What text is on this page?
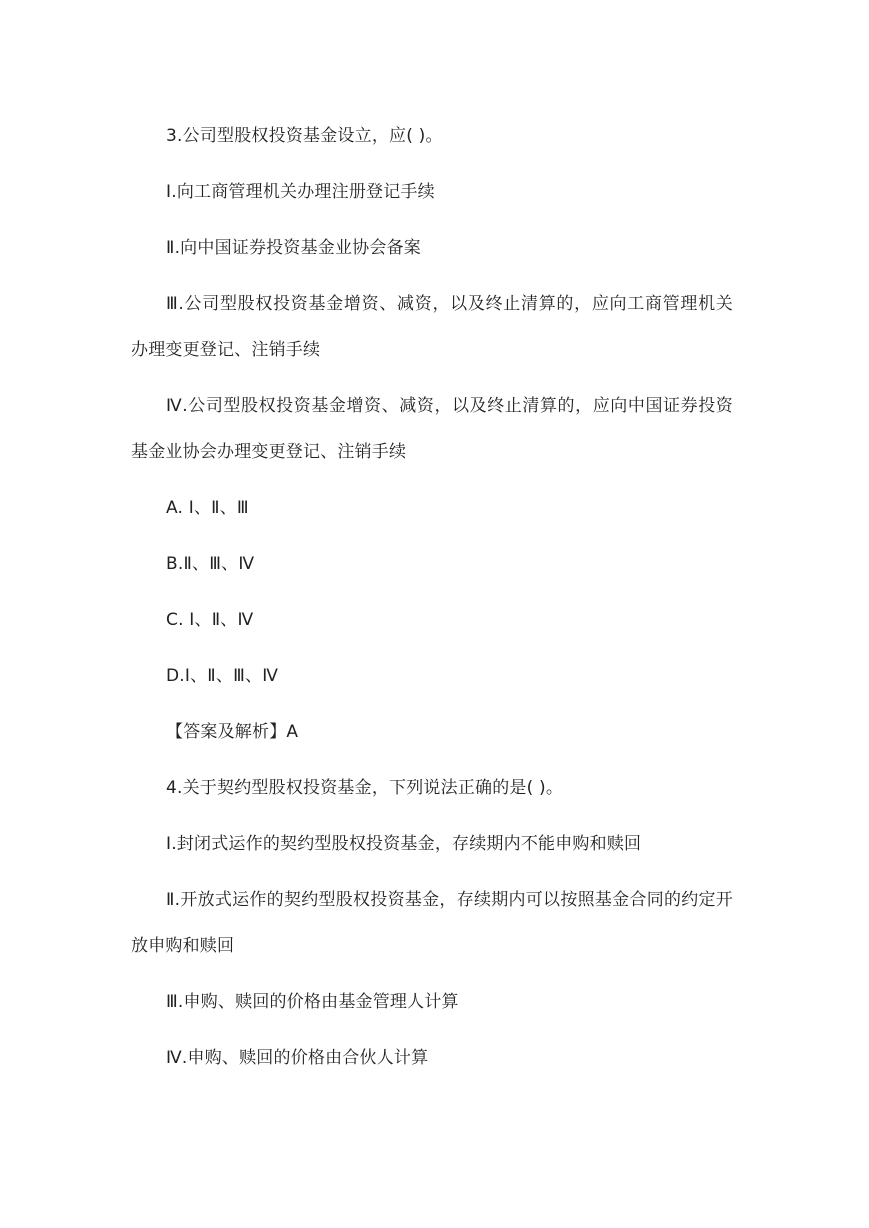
3.公司型股权投资基金设立，应( )。

Ⅰ.向工商管理机关办理注册登记手续

Ⅱ.向中国证券投资基金业协会备案

Ⅲ.公司型股权投资基金增资、减资，以及终止清算的，应向工商管理机关办理变更登记、注销手续

Ⅳ.公司型股权投资基金增资、减资，以及终止清算的，应向中国证券投资基金业协会办理变更登记、注销手续

A. Ⅰ、Ⅱ、Ⅲ

B.Ⅱ、Ⅲ、Ⅳ

C. Ⅰ、Ⅱ、Ⅳ

D.Ⅰ、Ⅱ、Ⅲ、Ⅳ

【答案及解析】A

4.关于契约型股权投资基金，下列说法正确的是( )。

Ⅰ.封闭式运作的契约型股权投资基金，存续期内不能申购和赎回

Ⅱ.开放式运作的契约型股权投资基金，存续期内可以按照基金合同的约定开放申购和赎回

Ⅲ.申购、赎回的价格由基金管理人计算

Ⅳ.申购、赎回的价格由合伙人计算
